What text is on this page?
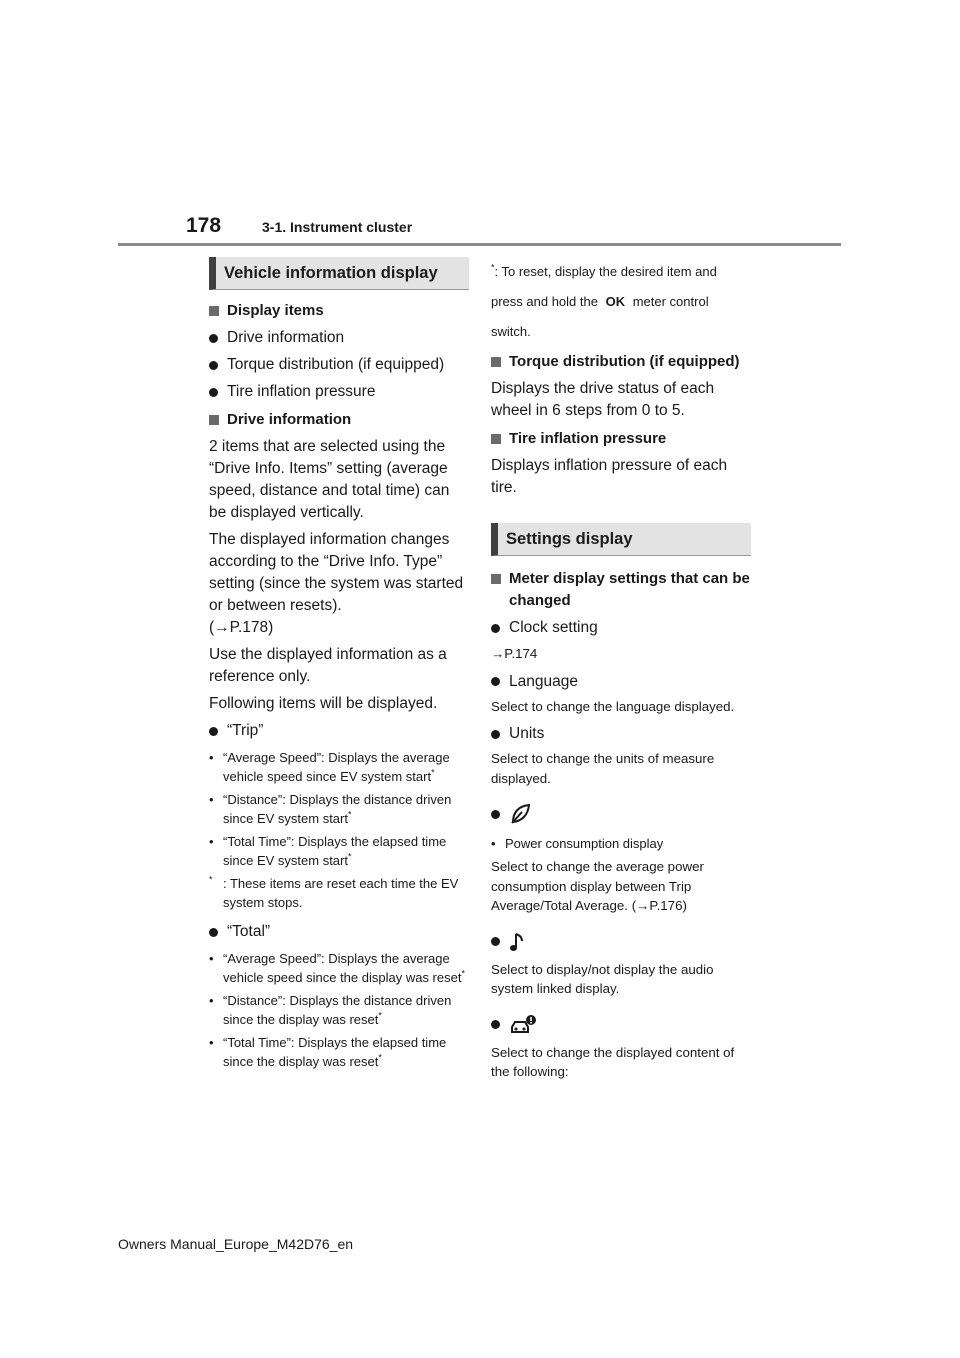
178	3-1. Instrument cluster
Vehicle information display
Display items
Drive information
Torque distribution (if equipped)
Tire inflation pressure
Drive information
2 items that are selected using the “Drive Info. Items” setting (average speed, distance and total time) can be displayed vertically.
The displayed information changes according to the “Drive Info. Type” setting (since the system was started or between resets).
(→P.178)
Use the displayed information as a reference only.
Following items will be displayed.
“Trip”
• “Average Speed”: Displays the average vehicle speed since EV system start*
• “Distance”: Displays the distance driven since EV system start*
• “Total Time”: Displays the elapsed time since EV system start*
* : These items are reset each time the EV system stops.
“Total”
• “Average Speed”: Displays the average vehicle speed since the display was reset*
• “Distance”: Displays the distance driven since the display was reset*
• “Total Time”: Displays the elapsed time since the display was reset*
*: To reset, display the desired item and press and hold the OK meter control switch.
Torque distribution (if equipped)
Displays the drive status of each wheel in 6 steps from 0 to 5.
Tire inflation pressure
Displays inflation pressure of each tire.
Settings display
Meter display settings that can be changed
Clock setting
→P.174
Language
Select to change the language displayed.
Units
Select to change the units of measure displayed.
• Power consumption display
Select to change the average power consumption display between Trip Average/Total Average. (→P.176)
Select to display/not display the audio system linked display.
Select to change the displayed content of the following:
Owners Manual_Europe_M42D76_en
